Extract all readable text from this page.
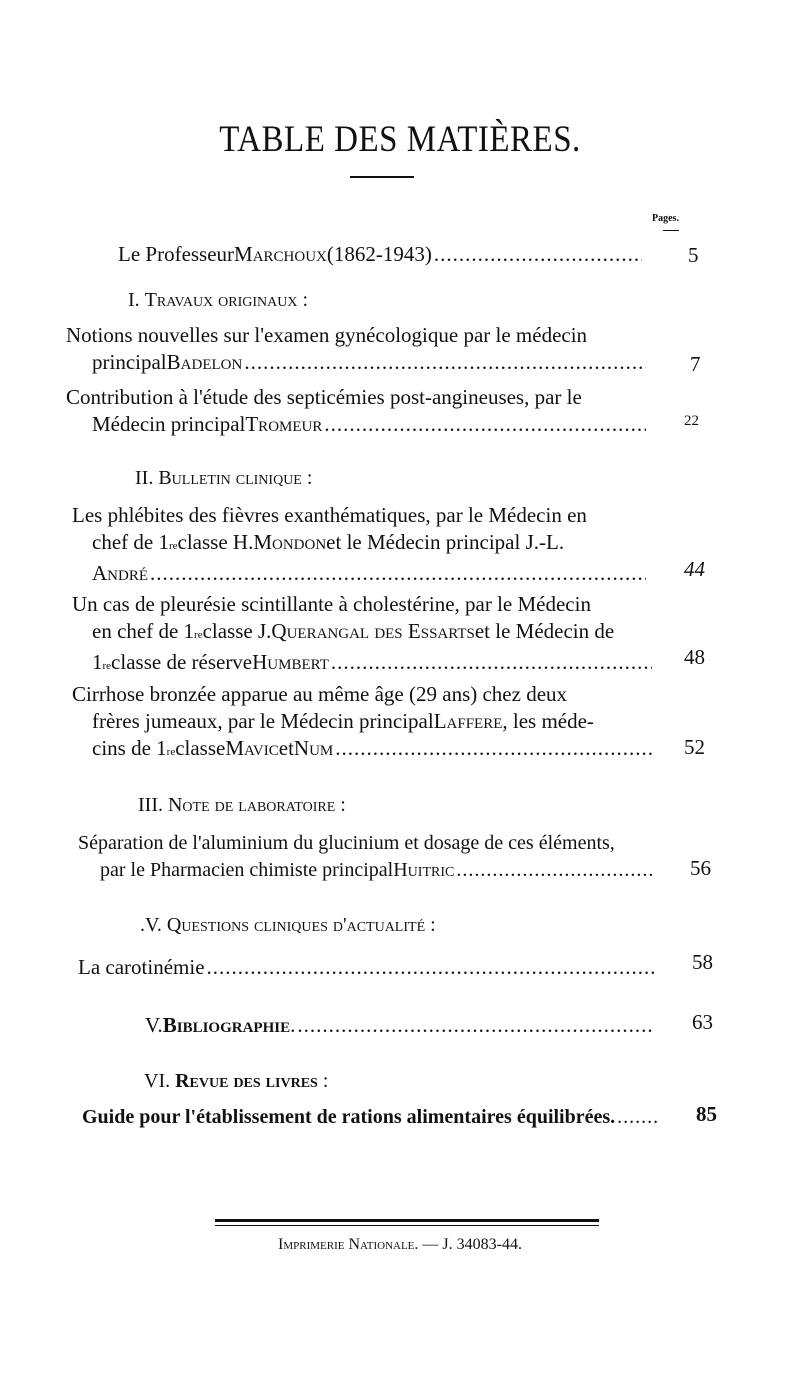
TABLE DES MATIÈRES.
Pages.
Le Professeur Marchoux (1862-1943) .....	5
I. Travaux originaux :
Notions nouvelles sur l'examen gynécologique par le médecin
principal Badelon .....	7
Contribution à l'étude des septicémies post-angineuses, par le
Médecin principal Tromeur .....	22
II. Bulletin clinique :
Les phlébites des fièvres exanthématiques, par le Médecin en
chef de 1 re classe H. Mondon et le Médecin principal J.-L.
André .....	44
Un cas de pleurésie scintillante à cholestérine, par le Médecin
en chef de 1 re classe J. Querangal des Essarts et le Médecin de
1 re classe de réserve Humbert .....	48
Cirrhose bronzée apparue au même âge (29 ans) chez deux
frères jumeaux, par le Médecin principal Laffere , les méde-
cins de 1 re classe Mavic et Num .....	52
III. Note de laboratoire :
Séparation de l'aluminium du glucinium et dosage de ces éléments,
par le Pharmacien chimiste principal Huitric .....	56
.V. Questions cliniques d'actualité :
La carotinémie .....	58
V. Bibliographie . .....	63
VI. Revue des livres :
Guide pour l'établissement de rations alimentaires équilibrées. .....	85
Imprimerie Nationale. — J. 34083-44.
